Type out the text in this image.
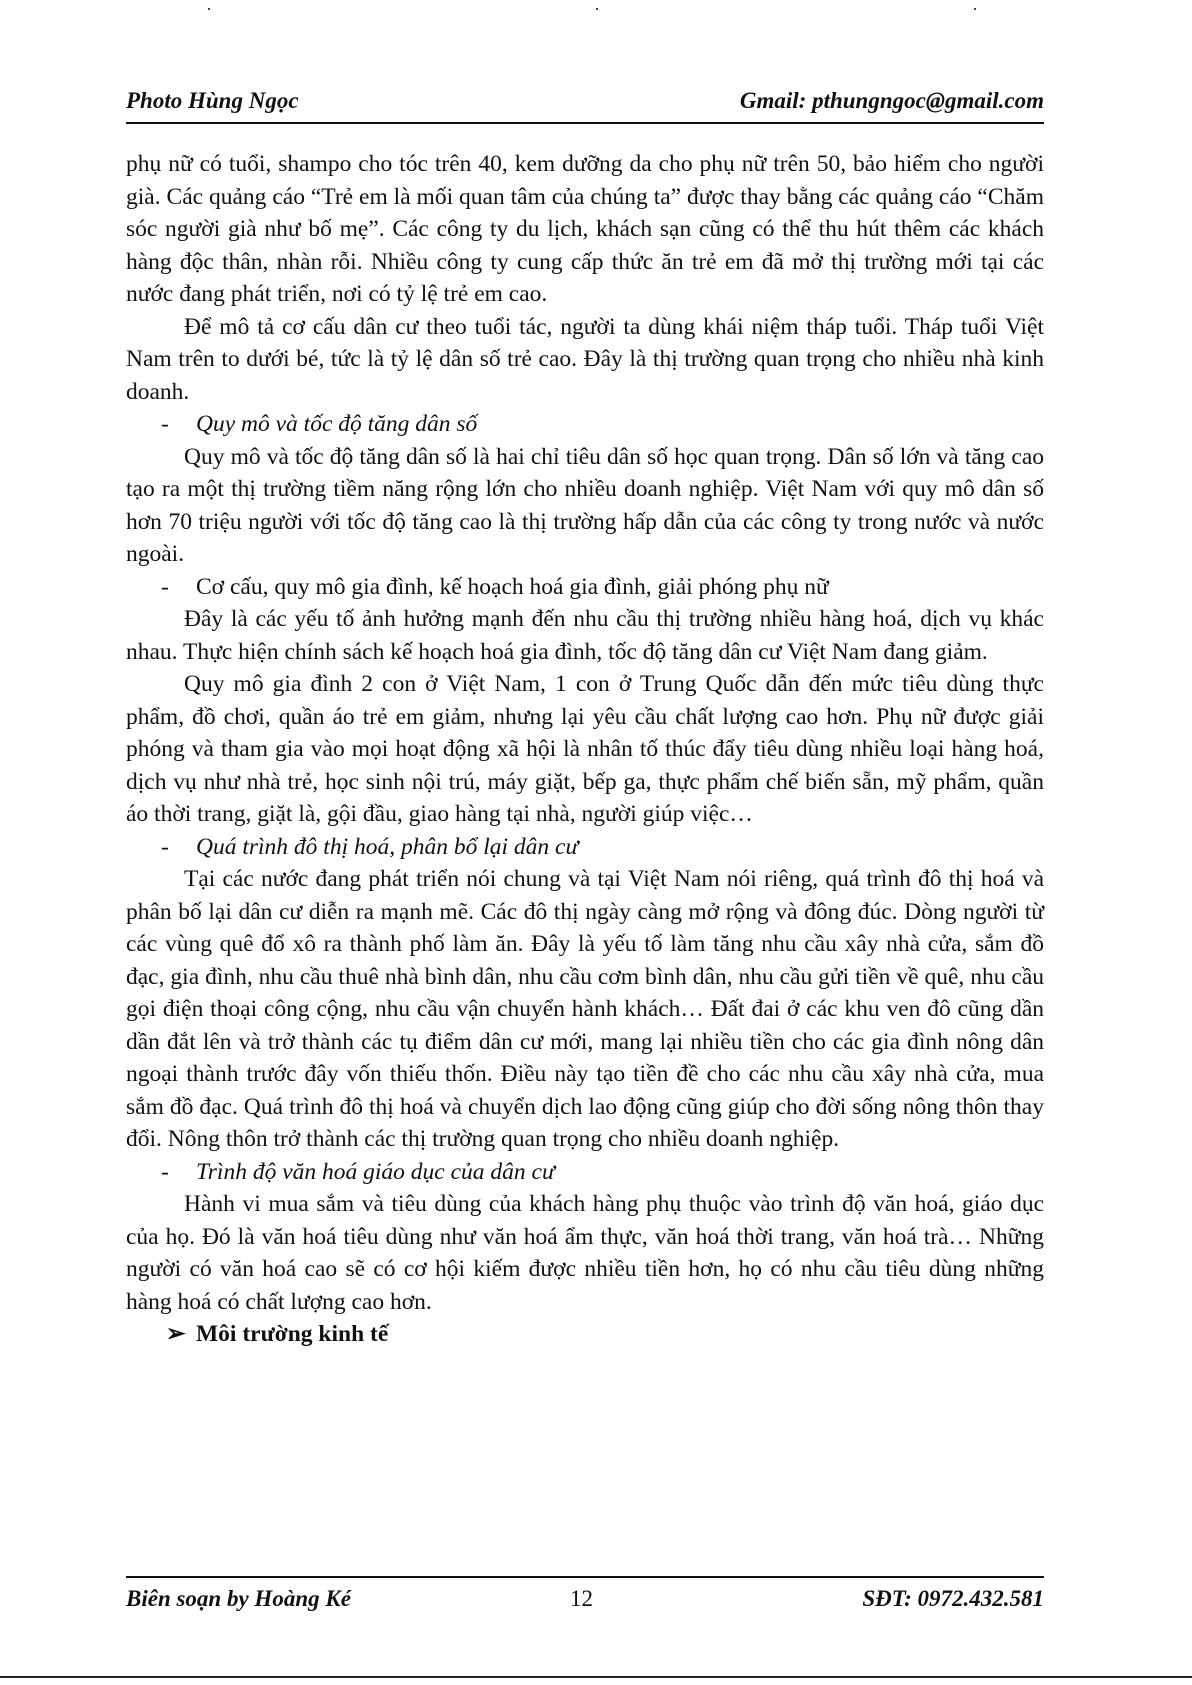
Photo Hùng Ngọc	Gmail: pthungngoc@gmail.com

phụ nữ có tuổi, shampo cho tóc trên 40, kem dưỡng da cho phụ nữ trên 50, bảo hiểm cho người già. Các quảng cáo “Trẻ em là mối quan tâm của chúng ta” được thay bằng các quảng cáo “Chăm sóc người già như bố mẹ”. Các công ty du lịch, khách sạn cũng có thể thu hút thêm các khách hàng độc thân, nhàn rỗi. Nhiều công ty cung cấp thức ăn trẻ em đã mở thị trường mới tại các nước đang phát triển, nơi có tỷ lệ trẻ em cao.

Để mô tả cơ cấu dân cư theo tuổi tác, người ta dùng khái niệm tháp tuổi. Tháp tuổi Việt Nam trên to dưới bé, tức là tỷ lệ dân số trẻ cao. Đây là thị trường quan trọng cho nhiều nhà kinh doanh.

- Quy mô và tốc độ tăng dân số

Quy mô và tốc độ tăng dân số là hai chỉ tiêu dân số học quan trọng. Dân số lớn và tăng cao tạo ra một thị trường tiềm năng rộng lớn cho nhiều doanh nghiệp. Việt Nam với quy mô dân số hơn 70 triệu người với tốc độ tăng cao là thị trường hấp dẫn của các công ty trong nước và nước ngoài.

- Cơ cấu, quy mô gia đình, kế hoạch hoá gia đình, giải phóng phụ nữ

Đây là các yếu tố ảnh hưởng mạnh đến nhu cầu thị trường nhiều hàng hoá, dịch vụ khác nhau. Thực hiện chính sách kế hoạch hoá gia đình, tốc độ tăng dân cư Việt Nam đang giảm.

Quy mô gia đình 2 con ở Việt Nam, 1 con ở Trung Quốc dẫn đến mức tiêu dùng thực phẩm, đồ chơi, quần áo trẻ em giảm, nhưng lại yêu cầu chất lượng cao hơn. Phụ nữ được giải phóng và tham gia vào mọi hoạt động xã hội là nhân tố thúc đẩy tiêu dùng nhiều loại hàng hoá, dịch vụ như nhà trẻ, học sinh nội trú, máy giặt, bếp ga, thực phẩm chế biến sẵn, mỹ phẩm, quần áo thời trang, giặt là, gội đầu, giao hàng tại nhà, người giúp việc…

- Quá trình đô thị hoá, phân bổ lại dân cư

Tại các nước đang phát triển nói chung và tại Việt Nam nói riêng, quá trình đô thị hoá và phân bố lại dân cư diễn ra mạnh mẽ. Các đô thị ngày càng mở rộng và đông đúc. Dòng người từ các vùng quê đổ xô ra thành phố làm ăn. Đây là yếu tố làm tăng nhu cầu xây nhà cửa, sắm đồ đạc, gia đình, nhu cầu thuê nhà bình dân, nhu cầu cơm bình dân, nhu cầu gửi tiền về quê, nhu cầu gọi điện thoại công cộng, nhu cầu vận chuyển hành khách… Đất đai ở các khu ven đô cũng dần dần đắt lên và trở thành các tụ điểm dân cư mới, mang lại nhiều tiền cho các gia đình nông dân ngoại thành trước đây vốn thiếu thốn. Điều này tạo tiền đề cho các nhu cầu xây nhà cửa, mua sắm đồ đạc. Quá trình đô thị hoá và chuyển dịch lao động cũng giúp cho đời sống nông thôn thay đổi. Nông thôn trở thành các thị trường quan trọng cho nhiều doanh nghiệp.

- Trình độ văn hoá giáo dục của dân cư

Hành vi mua sắm và tiêu dùng của khách hàng phụ thuộc vào trình độ văn hoá, giáo dục của họ. Đó là văn hoá tiêu dùng như văn hoá ẩm thực, văn hoá thời trang, văn hoá trà… Những người có văn hoá cao sẽ có cơ hội kiếm được nhiều tiền hơn, họ có nhu cầu tiêu dùng những hàng hoá có chất lượng cao hơn.

➢ Môi trường kinh tế

Biên soạn by Hoàng Ké	12	SĐT: 0972.432.581
